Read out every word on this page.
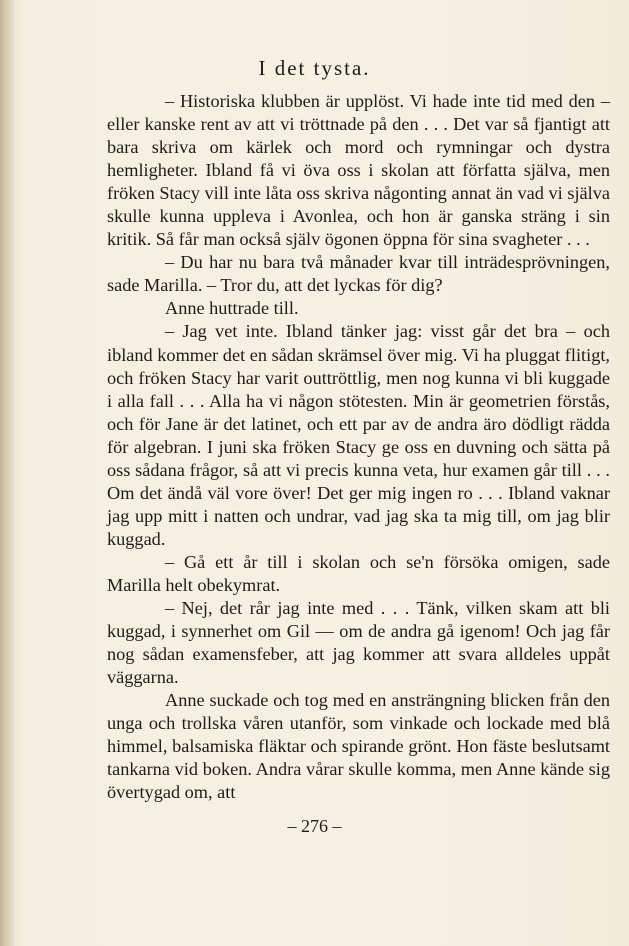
I det tysta.

– Historiska klubben är upplöst. Vi hade inte tid med den – eller kanske rent av att vi tröttnade på den . . . Det var så fjantigt att bara skriva om kärlek och mord och rymningar och dystra hemligheter. Ibland få vi öva oss i skolan att författa själva, men fröken Stacy vill inte låta oss skriva någonting annat än vad vi själva skulle kunna uppleva i Avonlea, och hon är ganska sträng i sin kritik. Så får man också själv ögonen öppna för sina svagheter . . .

– Du har nu bara två månader kvar till inträdesprövningen, sade Marilla. – Tror du, att det lyckas för dig?

Anne huttrade till.

– Jag vet inte. Ibland tänker jag: visst går det bra – och ibland kommer det en sådan skrämsel över mig. Vi ha pluggat flitigt, och fröken Stacy har varit outtröttlig, men nog kunna vi bli kuggade i alla fall . . . Alla ha vi någon stötesten. Min är geometrien förstås, och för Jane är det latinet, och ett par av de andra äro dödligt rädda för algebran. I juni ska fröken Stacy ge oss en duvning och sätta på oss sådana frågor, så att vi precis kunna veta, hur examen går till . . . Om det ändå väl vore över! Det ger mig ingen ro . . . Ibland vaknar jag upp mitt i natten och undrar, vad jag ska ta mig till, om jag blir kuggad.

– Gå ett år till i skolan och se'n försöka omigen, sade Marilla helt obekymrat.

– Nej, det rår jag inte med . . . Tänk, vilken skam att bli kuggad, i synnerhet om Gil — om de andra gå igenom! Och jag får nog sådan examensfeber, att jag kommer att svara alldeles uppåt väggarna.

Anne suckade och tog med en ansträngning blicken från den unga och trollska våren utanför, som vinkade och lockade med blå himmel, balsamiska fläktar och spirande grönt. Hon fäste beslutsamt tankarna vid boken. Andra vårar skulle komma, men Anne kände sig övertygad om, att

– 276 –
